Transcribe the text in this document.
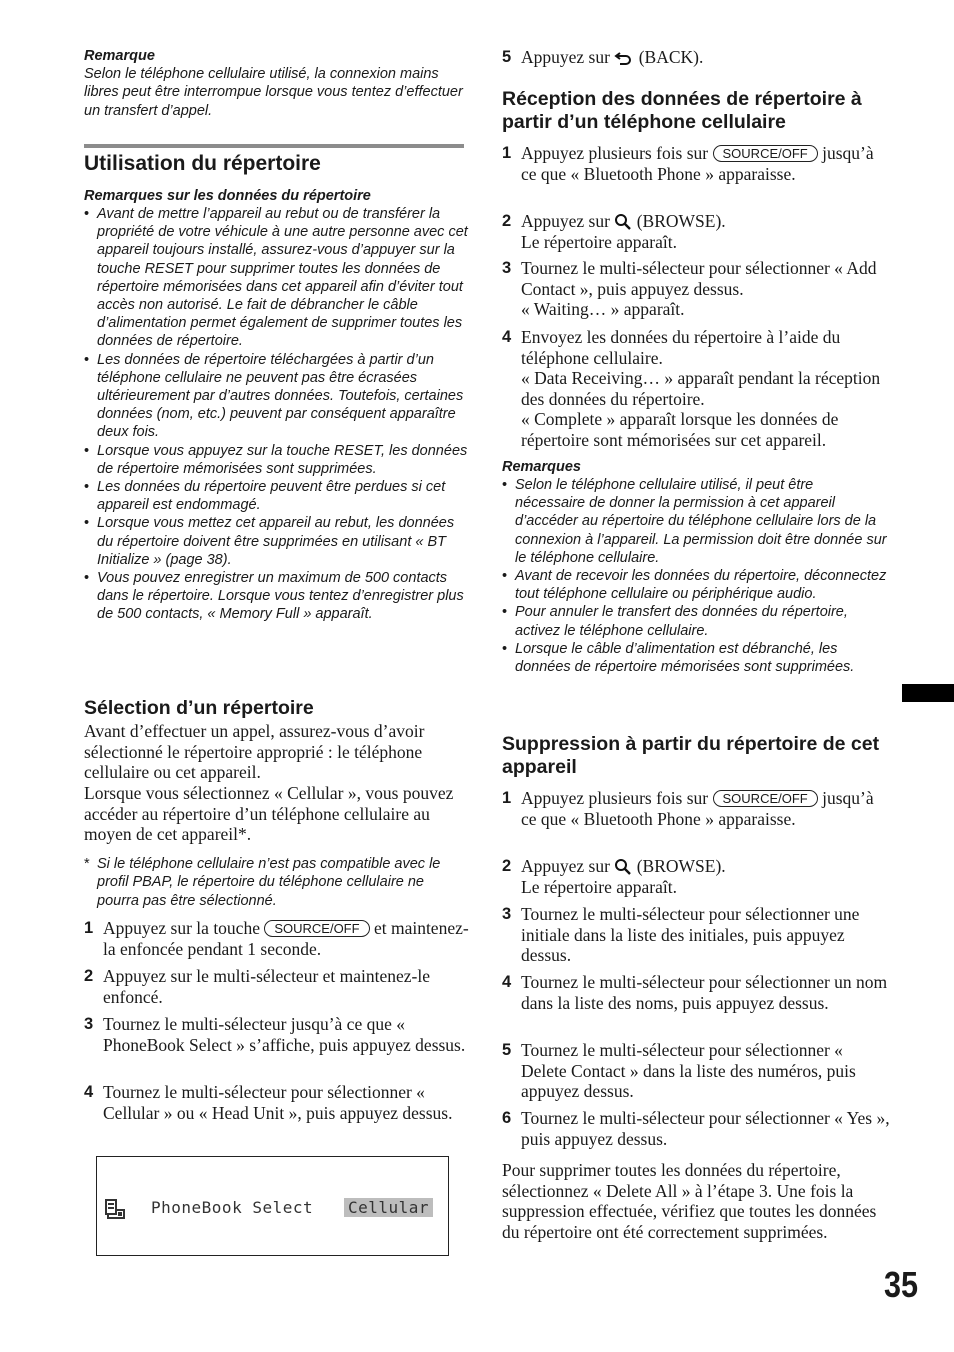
Remarque
Selon le téléphone cellulaire utilisé, la connexion mains libres peut être interrompue lorsque vous tentez d’effectuer un transfert d’appel.
Utilisation du répertoire
Remarques sur les données du répertoire
• Avant de mettre l’appareil au rebut ou de transférer la propriété de votre véhicule à une autre personne avec cet appareil toujours installé, assurez-vous d’appuyer sur la touche RESET pour supprimer toutes les données de répertoire mémorisées dans cet appareil afin d’éviter tout accès non autorisé. Le fait de débrancher le câble d’alimentation permet également de supprimer toutes les données de répertoire.
• Les données de répertoire téléchargées à partir d’un téléphone cellulaire ne peuvent pas être écrasées ultérieurement par d’autres données. Toutefois, certaines données (nom, etc.) peuvent par conséquent apparaître deux fois.
• Lorsque vous appuyez sur la touche RESET, les données de répertoire mémorisées sont supprimées.
• Les données du répertoire peuvent être perdues si cet appareil est endommagé.
• Lorsque vous mettez cet appareil au rebut, les données du répertoire doivent être supprimées en utilisant « BT Initialize » (page 38).
• Vous pouvez enregistrer un maximum de 500 contacts dans le répertoire. Lorsque vous tentez d’enregistrer plus de 500 contacts, « Memory Full » apparaît.
Sélection d’un répertoire
Avant d’effectuer un appel, assurez-vous d’avoir sélectionné le répertoire approprié : le téléphone cellulaire ou cet appareil.
Lorsque vous sélectionnez « Cellular », vous pouvez accéder au répertoire d’un téléphone cellulaire au moyen de cet appareil*.
* Si le téléphone cellulaire n’est pas compatible avec le profil PBAP, le répertoire du téléphone cellulaire ne pourra pas être sélectionné.
1 Appuyez sur la touche SOURCE/OFF et maintenez-la enfoncée pendant 1 seconde.
2 Appuyez sur le multi-sélecteur et maintenez-le enfoncé.
3 Tournez le multi-sélecteur jusqu’à ce que « PhoneBook Select » s’affiche, puis appuyez dessus.
4 Tournez le multi-sélecteur pour sélectionner « Cellular » ou « Head Unit », puis appuyez dessus.
PhoneBook Select Cellular
5 Appuyez sur  (BACK).
Réception des données de répertoire à partir d’un téléphone cellulaire
1 Appuyez plusieurs fois sur SOURCE/OFF jusqu’à ce que « Bluetooth Phone » apparaisse.
2 Appuyez sur  (BROWSE).
Le répertoire apparaît.
3 Tournez le multi-sélecteur pour sélectionner « Add Contact », puis appuyez dessus.
« Waiting… » apparaît.
4 Envoyez les données du répertoire à l’aide du téléphone cellulaire.
« Data Receiving… » apparaît pendant la réception des données du répertoire.
« Complete » apparaît lorsque les données de répertoire sont mémorisées sur cet appareil.
Remarques
• Selon le téléphone cellulaire utilisé, il peut être nécessaire de donner la permission à cet appareil d’accéder au répertoire du téléphone cellulaire lors de la connexion à l’appareil. La permission doit être donnée sur le téléphone cellulaire.
• Avant de recevoir les données du répertoire, déconnectez tout téléphone cellulaire ou périphérique audio.
• Pour annuler le transfert des données du répertoire, activez le téléphone cellulaire.
• Lorsque le câble d’alimentation est débranché, les données de répertoire mémorisées sont supprimées.
Suppression à partir du répertoire de cet appareil
1 Appuyez plusieurs fois sur SOURCE/OFF jusqu’à ce que « Bluetooth Phone » apparaisse.
2 Appuyez sur  (BROWSE).
Le répertoire apparaît.
3 Tournez le multi-sélecteur pour sélectionner une initiale dans la liste des initiales, puis appuyez dessus.
4 Tournez le multi-sélecteur pour sélectionner un nom dans la liste des noms, puis appuyez dessus.
5 Tournez le multi-sélecteur pour sélectionner « Delete Contact » dans la liste des numéros, puis appuyez dessus.
6 Tournez le multi-sélecteur pour sélectionner « Yes », puis appuyez dessus.
Pour supprimer toutes les données du répertoire, sélectionnez « Delete All » à l’étape 3. Une fois la suppression effectuée, vérifiez que toutes les données du répertoire ont été correctement supprimées.
35
